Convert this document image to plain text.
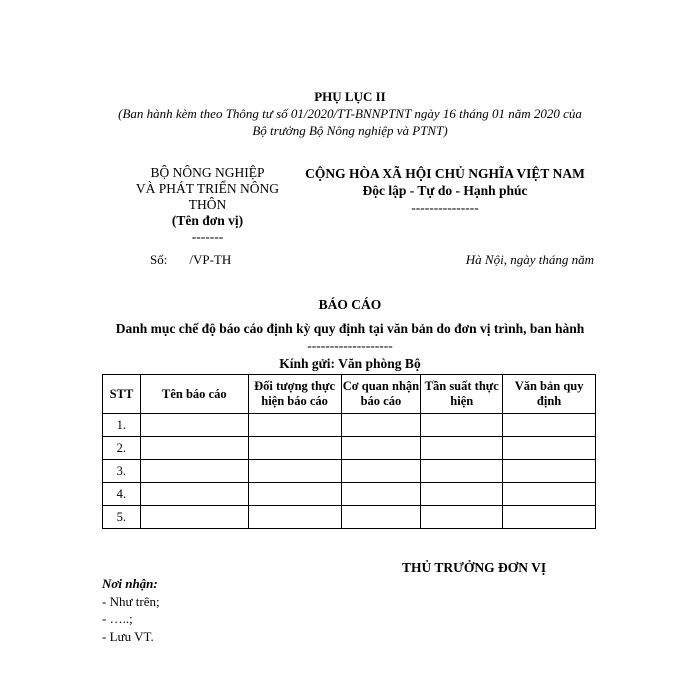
PHỤ LỤC II
(Ban hành kèm theo Thông tư số 01/2020/TT-BNNPTNT ngày 16 tháng 01 năm 2020 của
Bộ trưởng Bộ Nông nghiệp và PTNT)
BỘ NÔNG NGHIỆP
VÀ PHÁT TRIỂN NÔNG
THÔN
(Tên đơn vị)
-------
CỘNG HÒA XÃ HỘI CHỦ NGHĨA VIỆT NAM
Độc lập - Tự do - Hạnh phúc
---------------
Số: /VP-TH	Hà Nội, ngày tháng năm
BÁO CÁO
Danh mục chế độ báo cáo định kỳ quy định tại văn bản do đơn vị trình, ban hành
-------------------
Kính gửi: Văn phòng Bộ
STT	Tên báo cáo	Đối tượng thực hiện báo cáo	Cơ quan nhận báo cáo	Tần suất thực hiện	Văn bản quy định
1.					
2.					
3.					
4.					
5.					
THỦ TRƯỞNG ĐƠN VỊ
Nơi nhận:
- Như trên;
- …..;
- Lưu VT.
